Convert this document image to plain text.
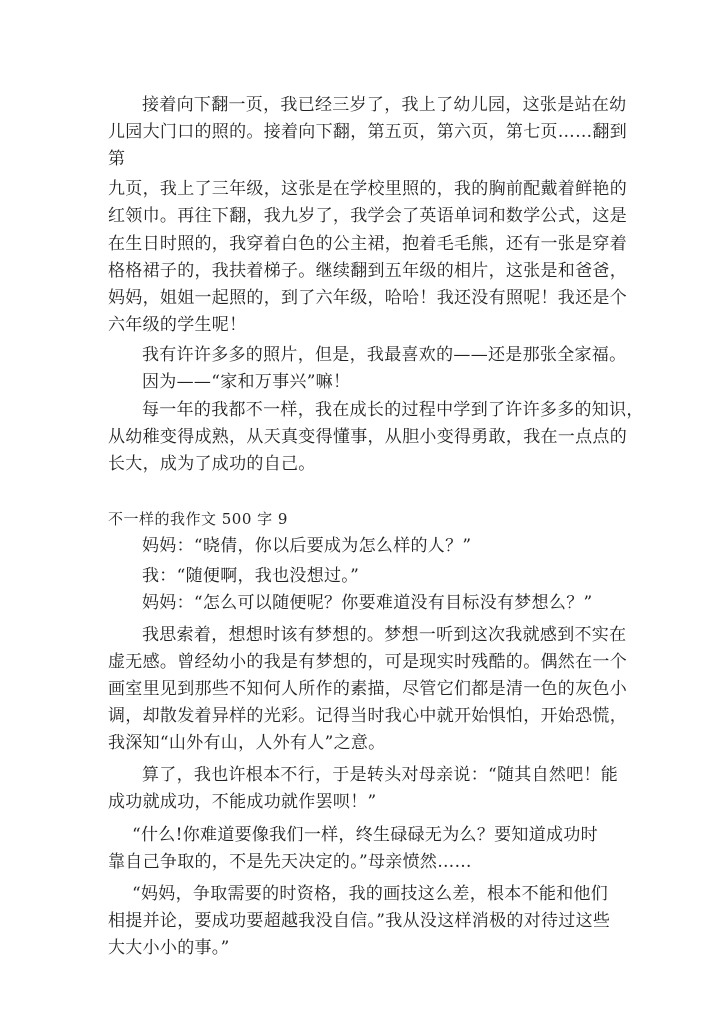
接着向下翻一页，我已经三岁了，我上了幼儿园，这张是站在幼
儿园大门口的照的。接着向下翻，第五页，第六页，第七页……翻到
第
九页，我上了三年级，这张是在学校里照的，我的胸前配戴着鲜艳的
红领巾。再往下翻，我九岁了，我学会了英语单词和数学公式，这是
在生日时照的，我穿着白色的公主裙，抱着毛毛熊，还有一张是穿着
格格裙子的，我扶着梯子。继续翻到五年级的相片，这张是和爸爸，
妈妈，姐姐一起照的，到了六年级，哈哈！我还没有照呢！我还是个
六年级的学生呢！
我有许许多多的照片，但是，我最喜欢的——还是那张全家福。
因为——“家和万事兴”嘛！
每一年的我都不一样，我在成长的过程中学到了许许多多的知识，
从幼稚变得成熟，从天真变得懂事，从胆小变得勇敢，我在一点点的
长大，成为了成功的自己。
不一样的我作文 500 字 9
妈妈：“晓倩，你以后要成为怎么样的人？”
我：“随便啊，我也没想过。”
妈妈：“怎么可以随便呢？你要难道没有目标没有梦想么？”
我思索着，想想时该有梦想的。梦想一听到这次我就感到不实在
虚无感。曾经幼小的我是有梦想的，可是现实时残酷的。偶然在一个
画室里见到那些不知何人所作的素描，尽管它们都是清一色的灰色小
调，却散发着异样的光彩。记得当时我心中就开始惧怕，开始恐慌，
我深知“山外有山，人外有人”之意。
算了，我也许根本不行，于是转头对母亲说：“随其自然吧！能
成功就成功，不能成功就作罢呗！”
“什么!你难道要像我们一样，终生碌碌无为么？要知道成功时
靠自己争取的，不是先天决定的。”母亲愤然……
“妈妈，争取需要的时资格，我的画技这么差，根本不能和他们
相提并论，要成功要超越我没自信。”我从没这样消极的对待过这些
大大小小的事。”
